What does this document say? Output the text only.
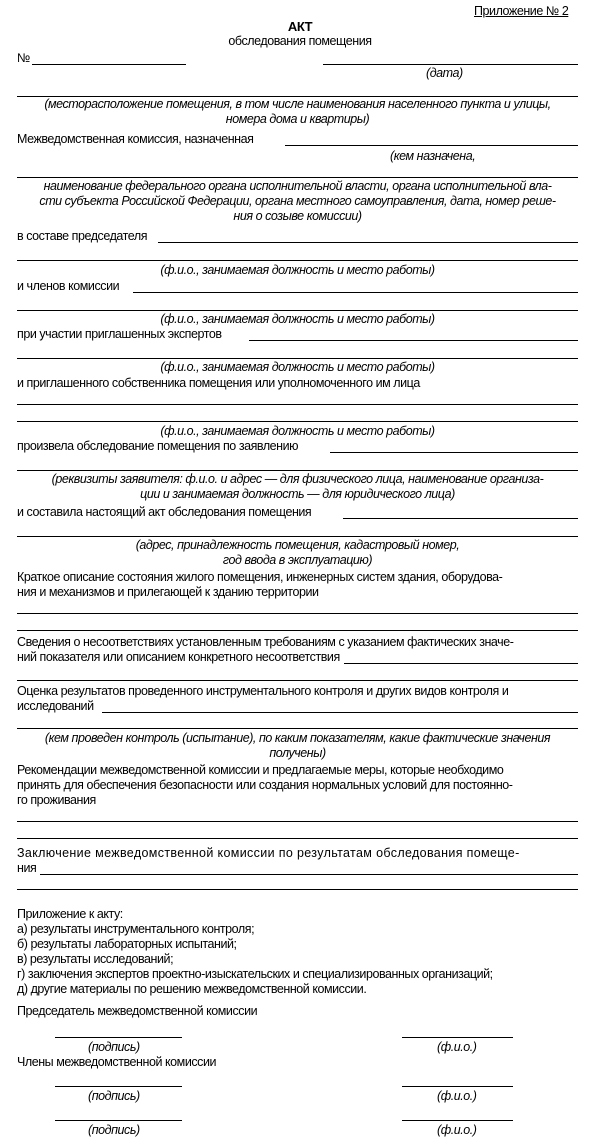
Приложение № 2
АКТ
обследования помещения
№
(дата)
(месторасположение помещения, в том числе наименования населенного пункта и улицы,
номера дома и квартиры)
Межведомственная комиссия, назначенная
(кем назначена,
наименование федерального органа исполнительной власти, органа исполнительной вла-
сти субъекта Российской Федерации, органа местного самоуправления, дата, номер реше-
ния о созыве комиссии)
в составе председателя
(ф.и.о., занимаемая должность и место работы)
и членов комиссии
(ф.и.о., занимаемая должность и место работы)
при участии приглашенных экспертов
(ф.и.о., занимаемая должность и место работы)
и приглашенного собственника помещения или уполномоченного им лица
(ф.и.о., занимаемая должность и место работы)
произвела обследование помещения по заявлению
(реквизиты заявителя: ф.и.о. и адрес — для физического лица, наименование организа-
ции и занимаемая должность — для юридического лица)
и составила настоящий акт обследования помещения
(адрес, принадлежность помещения, кадастровый номер,
год ввода в эксплуатацию)
Краткое описание состояния жилого помещения, инженерных систем здания, оборудова-
ния и механизмов и прилегающей к зданию территории
Сведения о несоответствиях установленным требованиям с указанием фактических значе-
ний показателя или описанием конкретного несоответствия
Оценка результатов проведенного инструментального контроля и других видов контроля и
исследований
(кем проведен контроль (испытание), по каким показателям, какие фактические значения
получены)
Рекомендации межведомственной комиссии и предлагаемые меры, которые необходимо
принять для обеспечения безопасности или создания нормальных условий для постоянно-
го проживания
Заключение межведомственной комиссии по результатам обследования помеще-
ния
Приложение к акту:
а) результаты инструментального контроля;
б) результаты лабораторных испытаний;
в) результаты исследований;
г) заключения экспертов проектно-изыскательских и специализированных организаций;
д) другие материалы по решению межведомственной комиссии.
Председатель межведомственной комиссии
(подпись)	(ф.и.о.)
Члены межведомственной комиссии
(подпись)	(ф.и.о.)
(подпись)	(ф.и.о.)
